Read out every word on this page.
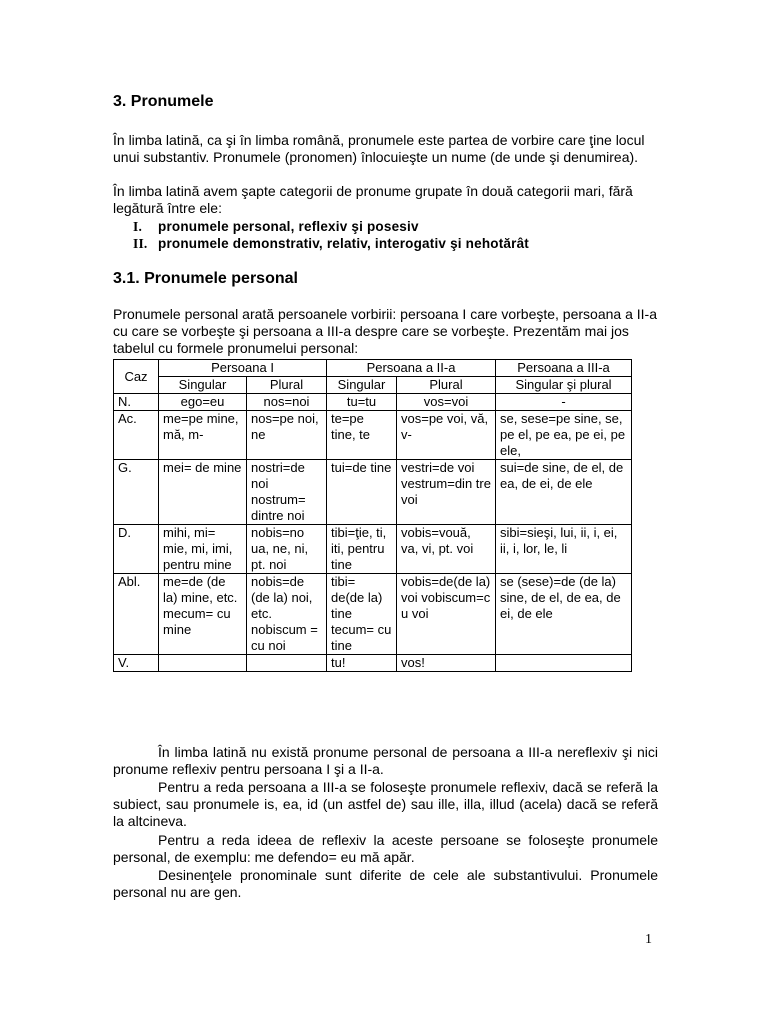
3. Pronumele

În limba latină, ca şi în limba română, pronumele este partea de vorbire care ţine locul unui substantiv. Pronumele (pronomen) înlocuieşte un nume (de unde şi denumirea).

În limba latină avem şapte categorii de pronume grupate în două categorii mari, fără legătură între ele:

I. pronumele personal, reflexiv şi posesiv
II. pronumele demonstrativ, relativ, interogativ şi nehotărât
3.1. Pronumele personal

Pronumele personal arată persoanele vorbirii: persoana I care vorbeşte, persoana a II-a cu care se vorbeşte şi persoana a III-a despre care se vorbeşte. Prezentăm mai jos tabelul cu formele pronumelui personal:

Caz	Persoana I		Persoana a II-a		Persoana a III-a
	Singular	Plural	Singular	Plural	Singular şi plural
N.	ego=eu	nos=noi	tu=tu	vos=voi	-
Ac.	me=pe mine, mă, m-	nos=pe noi, ne	te=pe tine, te	vos=pe voi, vă, v-	se, sese=pe sine, se, pe el, pe ea, pe ei, pe ele,
G.	mei= de mine	nostri=de noi nostrum= dintre noi	tui=de tine	vestri=de voi vestrum=din tre voi	sui=de sine, de el, de ea, de ei, de ele
D.	mihi, mi= mie, mi, imi, pentru mine	nobis=no ua, ne, ni, pt. noi	tibi=ţie, ti, iti, pentru tine	vobis=vouă, va, vi, pt. voi	sibi=sieşi, lui, ii, i, ei, ii, i, lor, le, li
Abl.	me=de (de la) mine, etc. mecum= cu mine	nobis=de (de la) noi, etc. nobiscum = cu noi	tibi= de(de la) tine tecum= cu tine	vobis=de(de la) voi vobiscum=c u voi	se (sese)=de (de la) sine, de el, de ea, de ei, de ele
V.			tu!	vos!	
În limba latină nu există pronume personal de persoana a III-a nereflexiv şi nici pronume reflexiv pentru persoana I şi a II-a.
Pentru a reda persoana a III-a se foloseşte pronumele reflexiv, dacă se referă la subiect, sau pronumele is, ea, id (un astfel de) sau ille, illa, illud (acela) dacă se referă la altcineva.
Pentru a reda ideea de reflexiv la aceste persoane se foloseşte pronumele personal, de exemplu: me defendo= eu mă apăr.
Desinenţele pronominale sunt diferite de cele ale substantivului. Pronumele personal nu are gen.
1
